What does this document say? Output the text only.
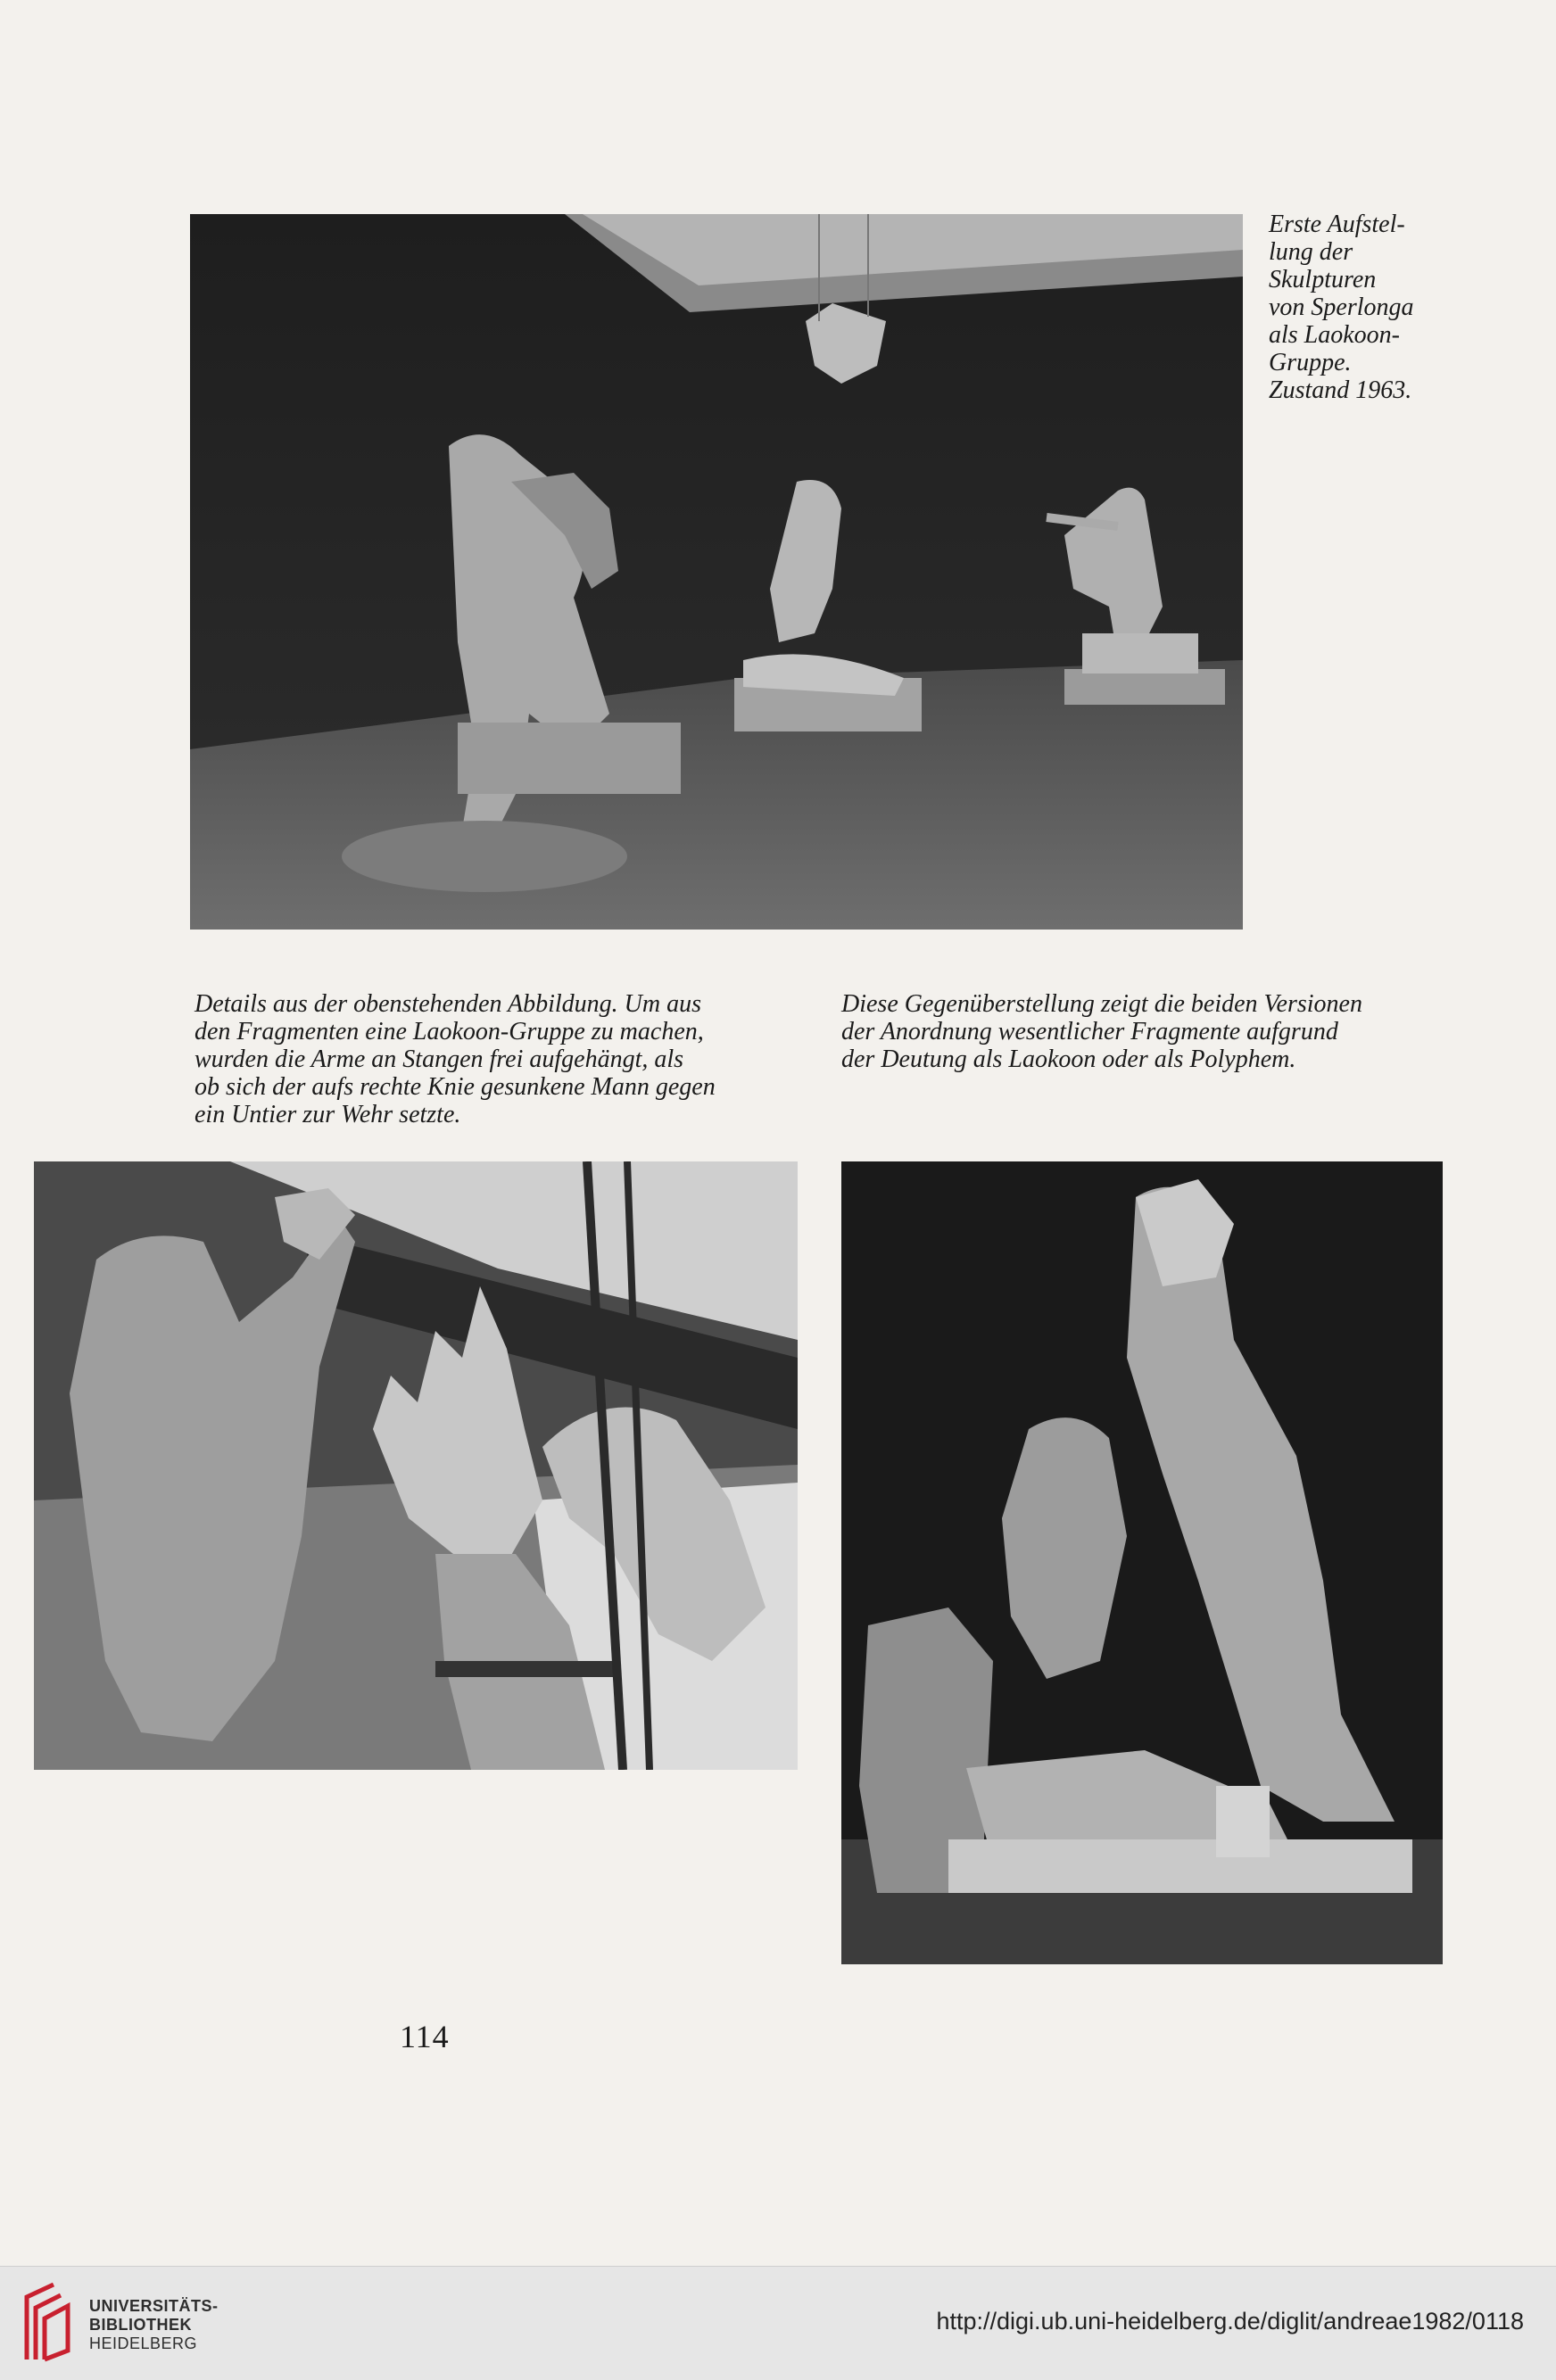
Erste Aufstel-
lung der
Skulpturen
von Sperlonga
als Laokoon-
Gruppe.
Zustand 1963.

Details aus der obenstehenden Abbildung. Um aus
den Fragmenten eine Laokoon-Gruppe zu machen,
wurden die Arme an Stangen frei aufgehängt, als
ob sich der aufs rechte Knie gesunkene Mann gegen
ein Untier zur Wehr setzte.

Diese Gegenüberstellung zeigt die beiden Versionen
der Anordnung wesentlicher Fragmente aufgrund
der Deutung als Laokoon oder als Polyphem.

114
UNIVERSITÄTS-
BIBLIOTHEK
HEIDELBERG
http://digi.ub.uni-heidelberg.de/diglit/andreae1982/0118
